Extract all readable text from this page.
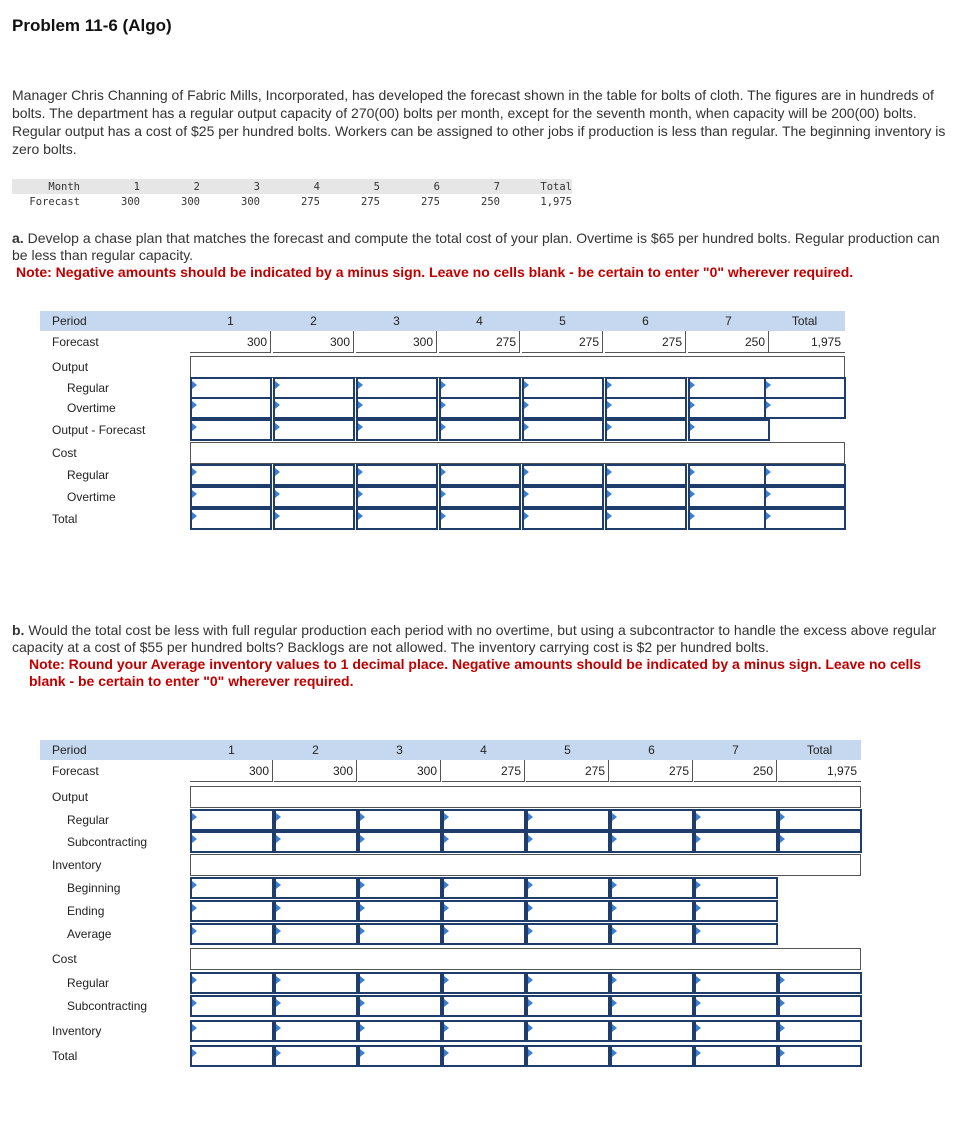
Problem 11-6 (Algo)
Manager Chris Channing of Fabric Mills, Incorporated, has developed the forecast shown in the table for bolts of cloth. The figures are in hundreds of bolts. The department has a regular output capacity of 270(00) bolts per month, except for the seventh month, when capacity will be 200(00) bolts. Regular output has a cost of $25 per hundred bolts. Workers can be assigned to other jobs if production is less than regular. The beginning inventory is zero bolts.
Month	1	2	3	4	5	6	7	Total
Forecast	300	300	300	275	275	275	250	1,975
a. Develop a chase plan that matches the forecast and compute the total cost of your plan. Overtime is $65 per hundred bolts. Regular production can be less than regular capacity.
Note: Negative amounts should be indicated by a minus sign. Leave no cells blank - be certain to enter "0" wherever required.
Period	1	2	3	4	5	6	7	Total
Forecast	300	300	300	275	275	275	250	1,975
Output
Regular
Overtime
Output - Forecast
Cost
Regular
Overtime
Total
b. Would the total cost be less with full regular production each period with no overtime, but using a subcontractor to handle the excess above regular capacity at a cost of $55 per hundred bolts? Backlogs are not allowed. The inventory carrying cost is $2 per hundred bolts.
Note: Round your Average inventory values to 1 decimal place. Negative amounts should be indicated by a minus sign. Leave no cells blank - be certain to enter "0" wherever required.
Period	1	2	3	4	5	6	7	Total
Forecast	300	300	300	275	275	275	250	1,975
Output
Regular
Subcontracting
Inventory
Beginning
Ending
Average
Cost
Regular
Subcontracting
Inventory
Total
